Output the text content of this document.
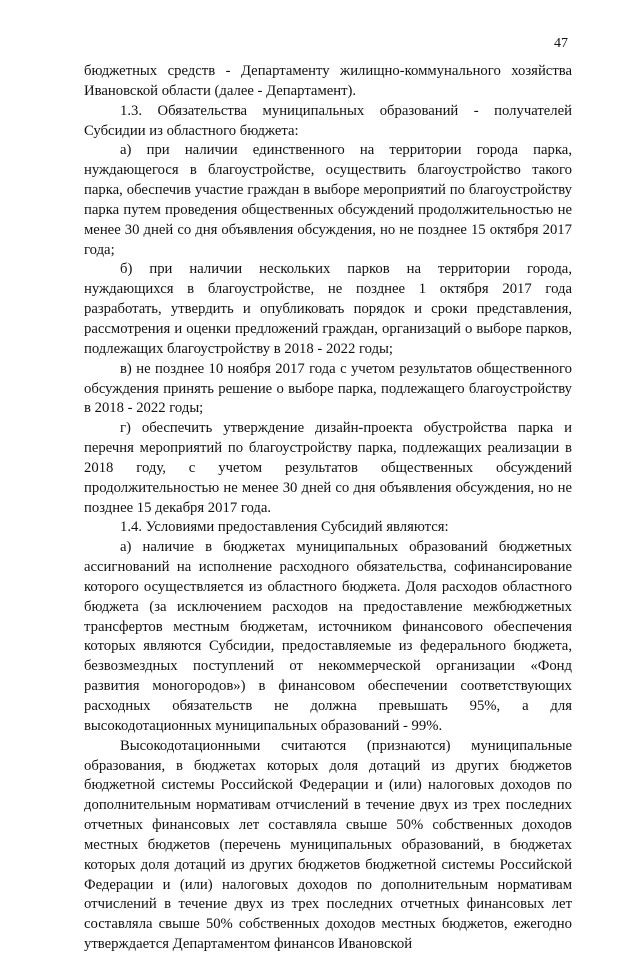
47

бюджетных средств - Департаменту жилищно-коммунального хозяйства Ивановской области (далее - Департамент).

1.3. Обязательства муниципальных образований - получателей Субсидии из областного бюджета:

а) при наличии единственного на территории города парка, нуждающегося в благоустройстве, осуществить благоустройство такого парка, обеспечив участие граждан в выборе мероприятий по благоустройству парка путем проведения общественных обсуждений продолжительностью не менее 30 дней со дня объявления обсуждения, но не позднее 15 октября 2017 года;

б) при наличии нескольких парков на территории города, нуждающихся в благоустройстве, не позднее 1 октября 2017 года разработать, утвердить и опубликовать порядок и сроки представления, рассмотрения и оценки предложений граждан, организаций о выборе парков, подлежащих благоустройству в 2018 - 2022 годы;

в) не позднее 10 ноября 2017 года с учетом результатов общественного обсуждения принять решение о выборе парка, подлежащего благоустройству в 2018 - 2022 годы;

г) обеспечить утверждение дизайн-проекта обустройства парка и перечня мероприятий по благоустройству парка, подлежащих реализации в 2018 году, с учетом результатов общественных обсуждений продолжительностью не менее 30 дней со дня объявления обсуждения, но не позднее 15 декабря 2017 года.

1.4. Условиями предоставления Субсидий являются:

а) наличие в бюджетах муниципальных образований бюджетных ассигнований на исполнение расходного обязательства, софинансирование которого осуществляется из областного бюджета. Доля расходов областного бюджета (за исключением расходов на предоставление межбюджетных трансфертов местным бюджетам, источником финансового обеспечения которых являются Субсидии, предоставляемые из федерального бюджета, безвозмездных поступлений от некоммерческой организации «Фонд развития моногородов») в финансовом обеспечении соответствующих расходных обязательств не должна превышать 95%, а для высокодотационных муниципальных образований - 99%.

Высокодотационными считаются (признаются) муниципальные образования, в бюджетах которых доля дотаций из других бюджетов бюджетной системы Российской Федерации и (или) налоговых доходов по дополнительным нормативам отчислений в течение двух из трех последних отчетных финансовых лет составляла свыше 50% собственных доходов местных бюджетов (перечень муниципальных образований, в бюджетах которых доля дотаций из других бюджетов бюджетной системы Российской Федерации и (или) налоговых доходов по дополнительным нормативам отчислений в течение двух из трех последних отчетных финансовых лет составляла свыше 50% собственных доходов местных бюджетов, ежегодно утверждается Департаментом финансов Ивановской
